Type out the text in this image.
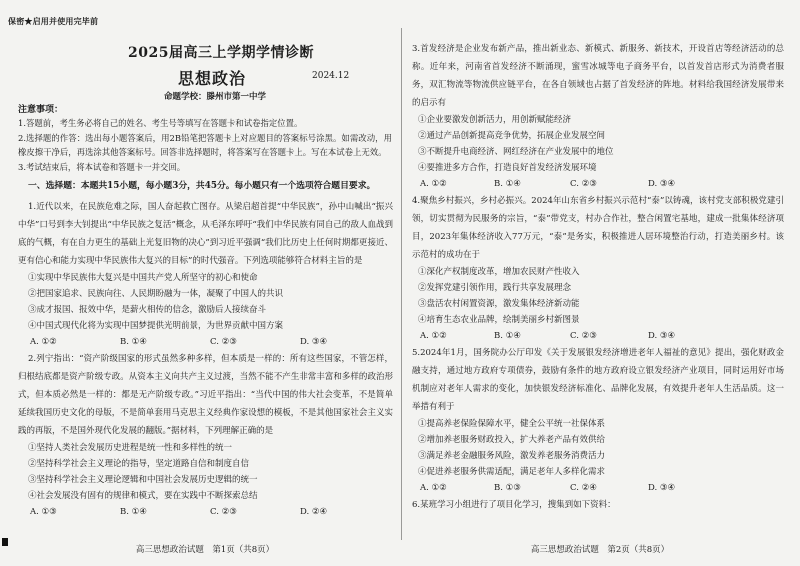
保密★启用并使用完毕前
2025届高三上学期学情诊断
思想政治	2024.12
命题学校：滕州市第一中学
注意事项：

1.答题前，考生务必将自己的姓名、考生号等填写在答题卡和试卷指定位置。

2.选择题的作答：选出每小题答案后，用2B铅笔把答题卡上对应题目的答案标号涂黑。如需改动，用橡皮擦干净后，再选涂其他答案标号。回答非选择题时，将答案写在答题卡上。写在本试卷上无效。

3.考试结束后，将本试卷和答题卡一并交回。

一、选择题：本题共15小题，每小题3分，共45分。每小题只有一个选项符合题目要求。

1.近代以来，在民族危难之际，国人奋起救亡图存。从梁启超首提“中华民族”，孙中山喊出“振兴中华”口号到李大钊提出“中华民族之复活”概念，从毛泽东呼吁“我们中华民族有同自己的敌人血战到底的气概，有在自力更生的基础上光复旧物的决心”到习近平强调“我们比历史上任何时期都更接近、更有信心和能力实现中华民族伟大复兴的目标”的时代强音。下列选项能够符合材料主旨的是

①实现中华民族伟大复兴是中国共产党人所坚守的初心和使命

②把国家追求、民族向往、人民期盼融为一体，凝聚了中国人的共识

③成才报国、报效中华，是薪火相传的信念，激励后人接续奋斗

④中国式现代化将为实现中国梦提供光明前景，为世界贡献中国方案

A. ①②	B. ①④	C. ②③	D. ③④

2.列宁指出：“资产阶级国家的形式虽然多种多样，但本质是一样的：所有这些国家，不管怎样，归根结底都是资产阶级专政。从资本主义向共产主义过渡，当然不能不产生非常丰富和多样的政治形式，但本质必然是一样的：都是无产阶级专政。”习近平指出：“当代中国的伟大社会变革，不是简单延续我国历史文化的母版，不是简单套用马克思主义经典作家设想的模板，不是其他国家社会主义实践的再版，不是国外现代化发展的翻版。”据材料，下列理解正确的是

①坚持人类社会发展历史进程是统一性和多样性的统一

②坚持科学社会主义理论的指导，坚定道路自信和制度自信

③坚持科学社会主义理论逻辑和中国社会发展历史逻辑的统一

④社会发展没有固有的规律和模式，要在实践中不断探索总结

A. ①③	B. ①④	C. ②③	D. ②④

3.首发经济是企业发布新产品，推出新业态、新模式、新服务、新技术，开设首店等经济活动的总称。近年来，河南省首发经济不断涌现，蜜雪冰城等电子商务平台，以首发首店形式为消费者服务，双汇物流等物流供应链平台，在各自领域也占据了首发经济的阵地。材料给我国经济发展带来的启示有

①企业要激发创新活力，用创新赋能经济

②通过产品创新提高竞争优势，拓展企业发展空间

③不断提升电商经济、网红经济在产业发展中的地位

④要推进多方合作，打造良好首发经济发展环境

A. ①②	B. ①④	C. ②③	D. ③④

4.聚焦乡村振兴，乡村必振兴。2024年山东省乡村振兴示范村“泰”以铸魂，该村党支部积极党建引领，切实贯彻为民服务的宗旨，“泰”带党支，村办合作社，整合闲置宅基地，建成一批集体经济项目，2023年集体经济收入77万元，“泰”是务实，积极推进人居环境整治行动，打造美丽乡村。该示范村的成功在于

①深化产权制度改革，增加农民财产性收入

②发挥党建引领作用，践行共享发展理念

③盘活农村闲置资源，激发集体经济新动能

④培育生态农业品牌，绘制美丽乡村新图景

A. ①②	B. ①④	C. ②③	D. ③④

5.2024年1月，国务院办公厅印发《关于发展银发经济增进老年人福祉的意见》提出，强化财政金融支持，通过地方政府专项债券，鼓励有条件的地方政府设立银发经济产业项目，同时运用好市场机制应对老年人需求的变化，加快银发经济标准化、品牌化发展，有效提升老年人生活品质。这一举措有利于

①提高养老保险保障水平，健全公平统一社保体系

②增加养老服务财政投入，扩大养老产品有效供给

③满足养老金融服务风险，激发养老服务消费活力

④促进养老服务供需适配，满足老年人多样化需求

A. ①②	B. ①③	C. ②④	D. ③④

6.某班学习小组进行了项目化学习，搜集到如下资料：

高三思想政治试题　第1页（共8页）	高三思想政治试题　第2页（共8页）
